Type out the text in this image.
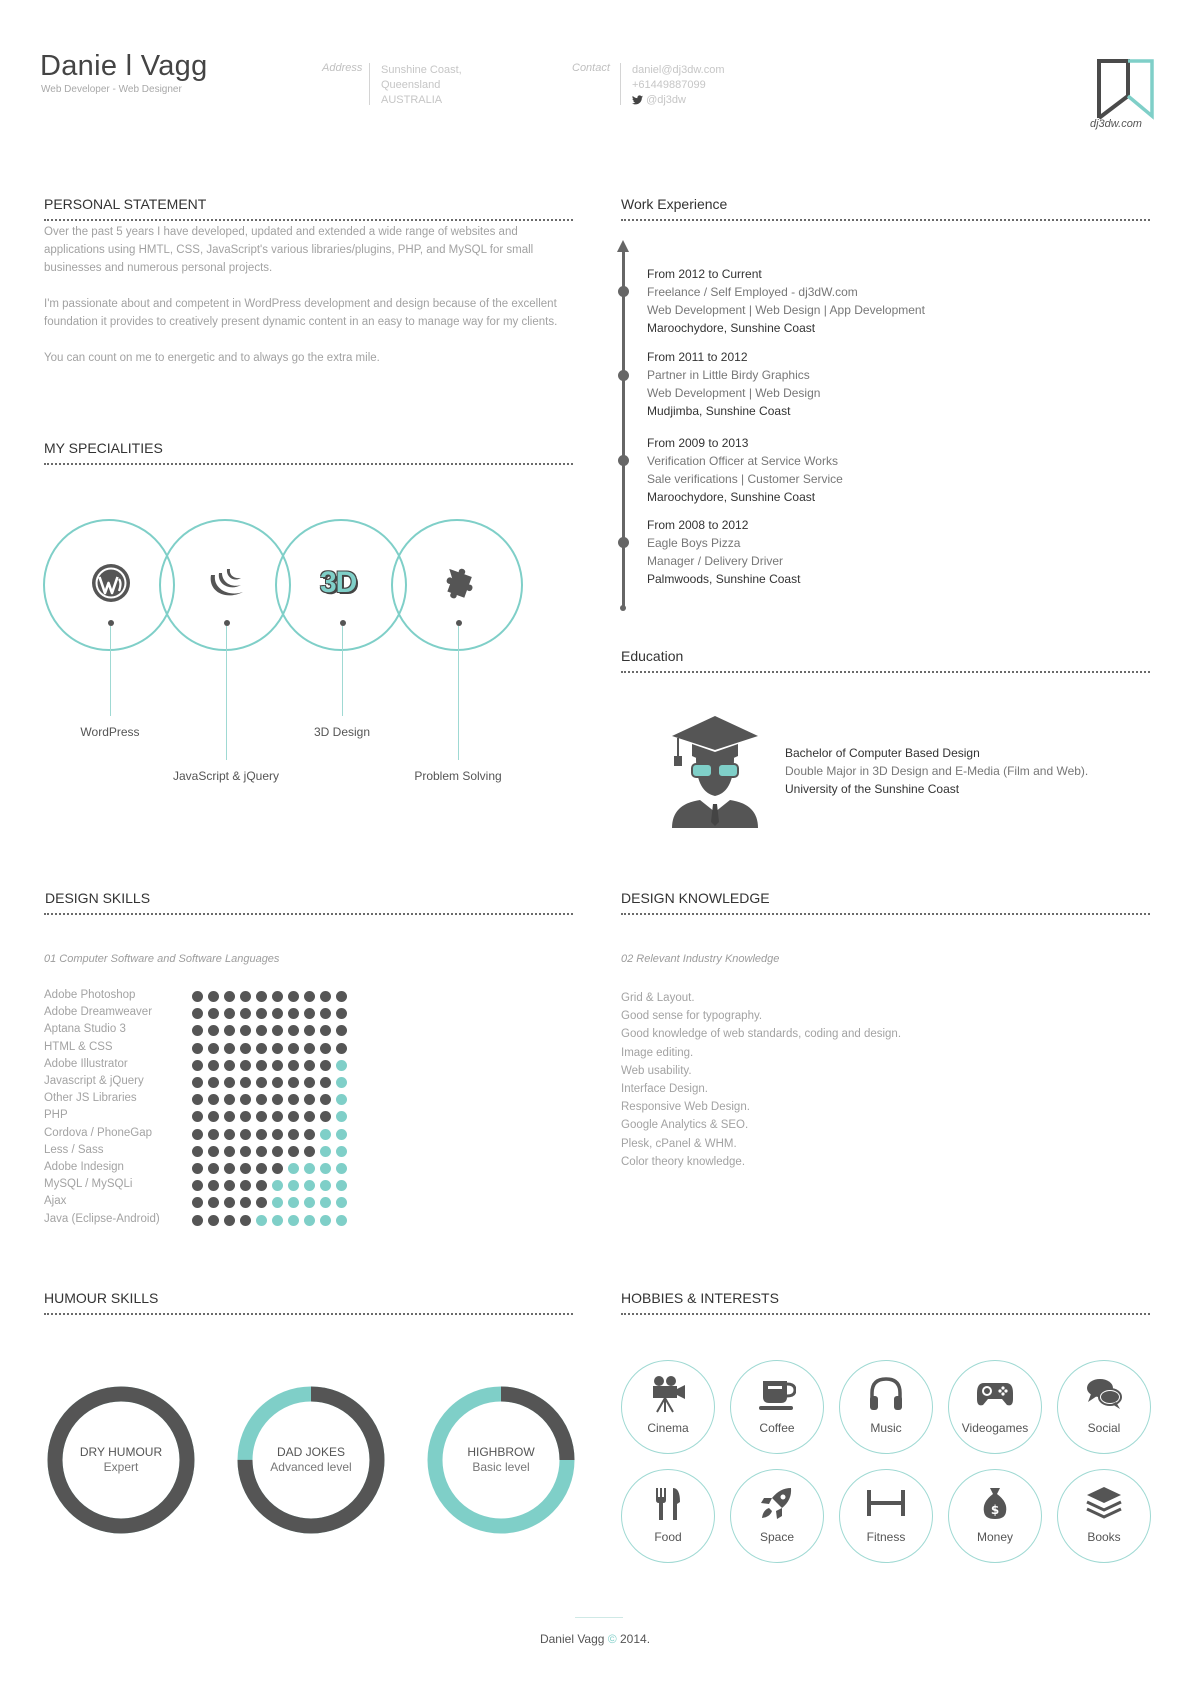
Danie l Vagg
Web Developer - Web Designer
Address Sunshine Coast,
Queensland
AUSTRALIA
Contact daniel@dj3dw.com
+61449887099
@dj3dw
dj3dw.com
PERSONAL STATEMENT

Over the past 5 years I have developed, updated and extended a wide range of websites and applications using HMTL, CSS, JavaScript's various libraries/plugins, PHP, and MySQL for small businesses and numerous personal projects.

I'm passionate about and competent in WordPress development and design because of the excellent foundation it provides to creatively present dynamic content in an easy to manage way for my clients.

You can count on me to energetic and to always go the extra mile.

MY SPECIALITIES
3D
WordPress
JavaScript & jQuery
3D Design
Problem Solving
Work Experience
From 2012 to Current
Freelance / Self Employed - dj3dW.com
Web Development | Web Design | App Development
Maroochydore, Sunshine Coast
From 2011 to 2012
Partner in Little Birdy Graphics
Web Development | Web Design
Mudjimba, Sunshine Coast
From 2009 to 2013
Verification Officer at Service Works
Sale verifications | Customer Service
Maroochydore, Sunshine Coast
From 2008 to 2012
Eagle Boys Pizza
Manager / Delivery Driver
Palmwoods, Sunshine Coast
Education
Bachelor of Computer Based Design
Double Major in 3D Design and E-Media (Film and Web).
University of the Sunshine Coast
DESIGN SKILLS
01 Computer Software and Software Languages
Adobe Photoshop
Adobe Dreamweaver
Aptana Studio 3
HTML & CSS
Adobe Illustrator
Javascript & jQuery
Other JS Libraries
PHP
Cordova / PhoneGap
Less / Sass
Adobe Indesign
MySQL / MySQLi
Ajax
Java (Eclipse-Android)
DESIGN KNOWLEDGE
02 Relevant Industry Knowledge
Grid & Layout.
Good sense for typography.
Good knowledge of web standards, coding and design.
Image editing.
Web usability.
Interface Design.
Responsive Web Design.
Google Analytics & SEO.
Plesk, cPanel & WHM.
Color theory knowledge.
HUMOUR SKILLS
DRY HUMOUR
Expert
DAD JOKES
Advanced level
HIGHBROW
Basic level
HOBBIES & INTERESTS
Cinema	Coffee	Music	Videogames	Social
Food	Space	Fitness
$
Money	Books
Daniel Vagg © 2014.
